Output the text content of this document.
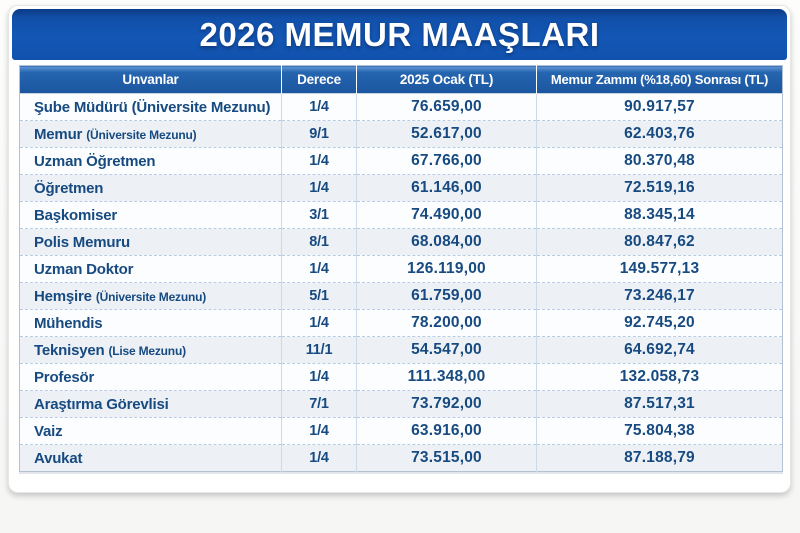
2026 MEMUR MAAŞLARI
Unvanlar	Derece	2025 Ocak (TL)	Memur Zammı (%18,60) Sonrası (TL)
Şube Müdürü (Üniversite Mezunu)	1/4	76.659,00	90.917,57
Memur (Üniversite Mezunu)	9/1	52.617,00	62.403,76
Uzman Öğretmen	1/4	67.766,00	80.370,48
Öğretmen	1/4	61.146,00	72.519,16
Başkomiser	3/1	74.490,00	88.345,14
Polis Memuru	8/1	68.084,00	80.847,62
Uzman Doktor	1/4	126.119,00	149.577,13
Hemşire (Üniversite Mezunu)	5/1	61.759,00	73.246,17
Mühendis	1/4	78.200,00	92.745,20
Teknisyen (Lise Mezunu)	11/1	54.547,00	64.692,74
Profesör	1/4	111.348,00	132.058,73
Araştırma Görevlisi	7/1	73.792,00	87.517,31
Vaiz	1/4	63.916,00	75.804,38
Avukat	1/4	73.515,00	87.188,79
